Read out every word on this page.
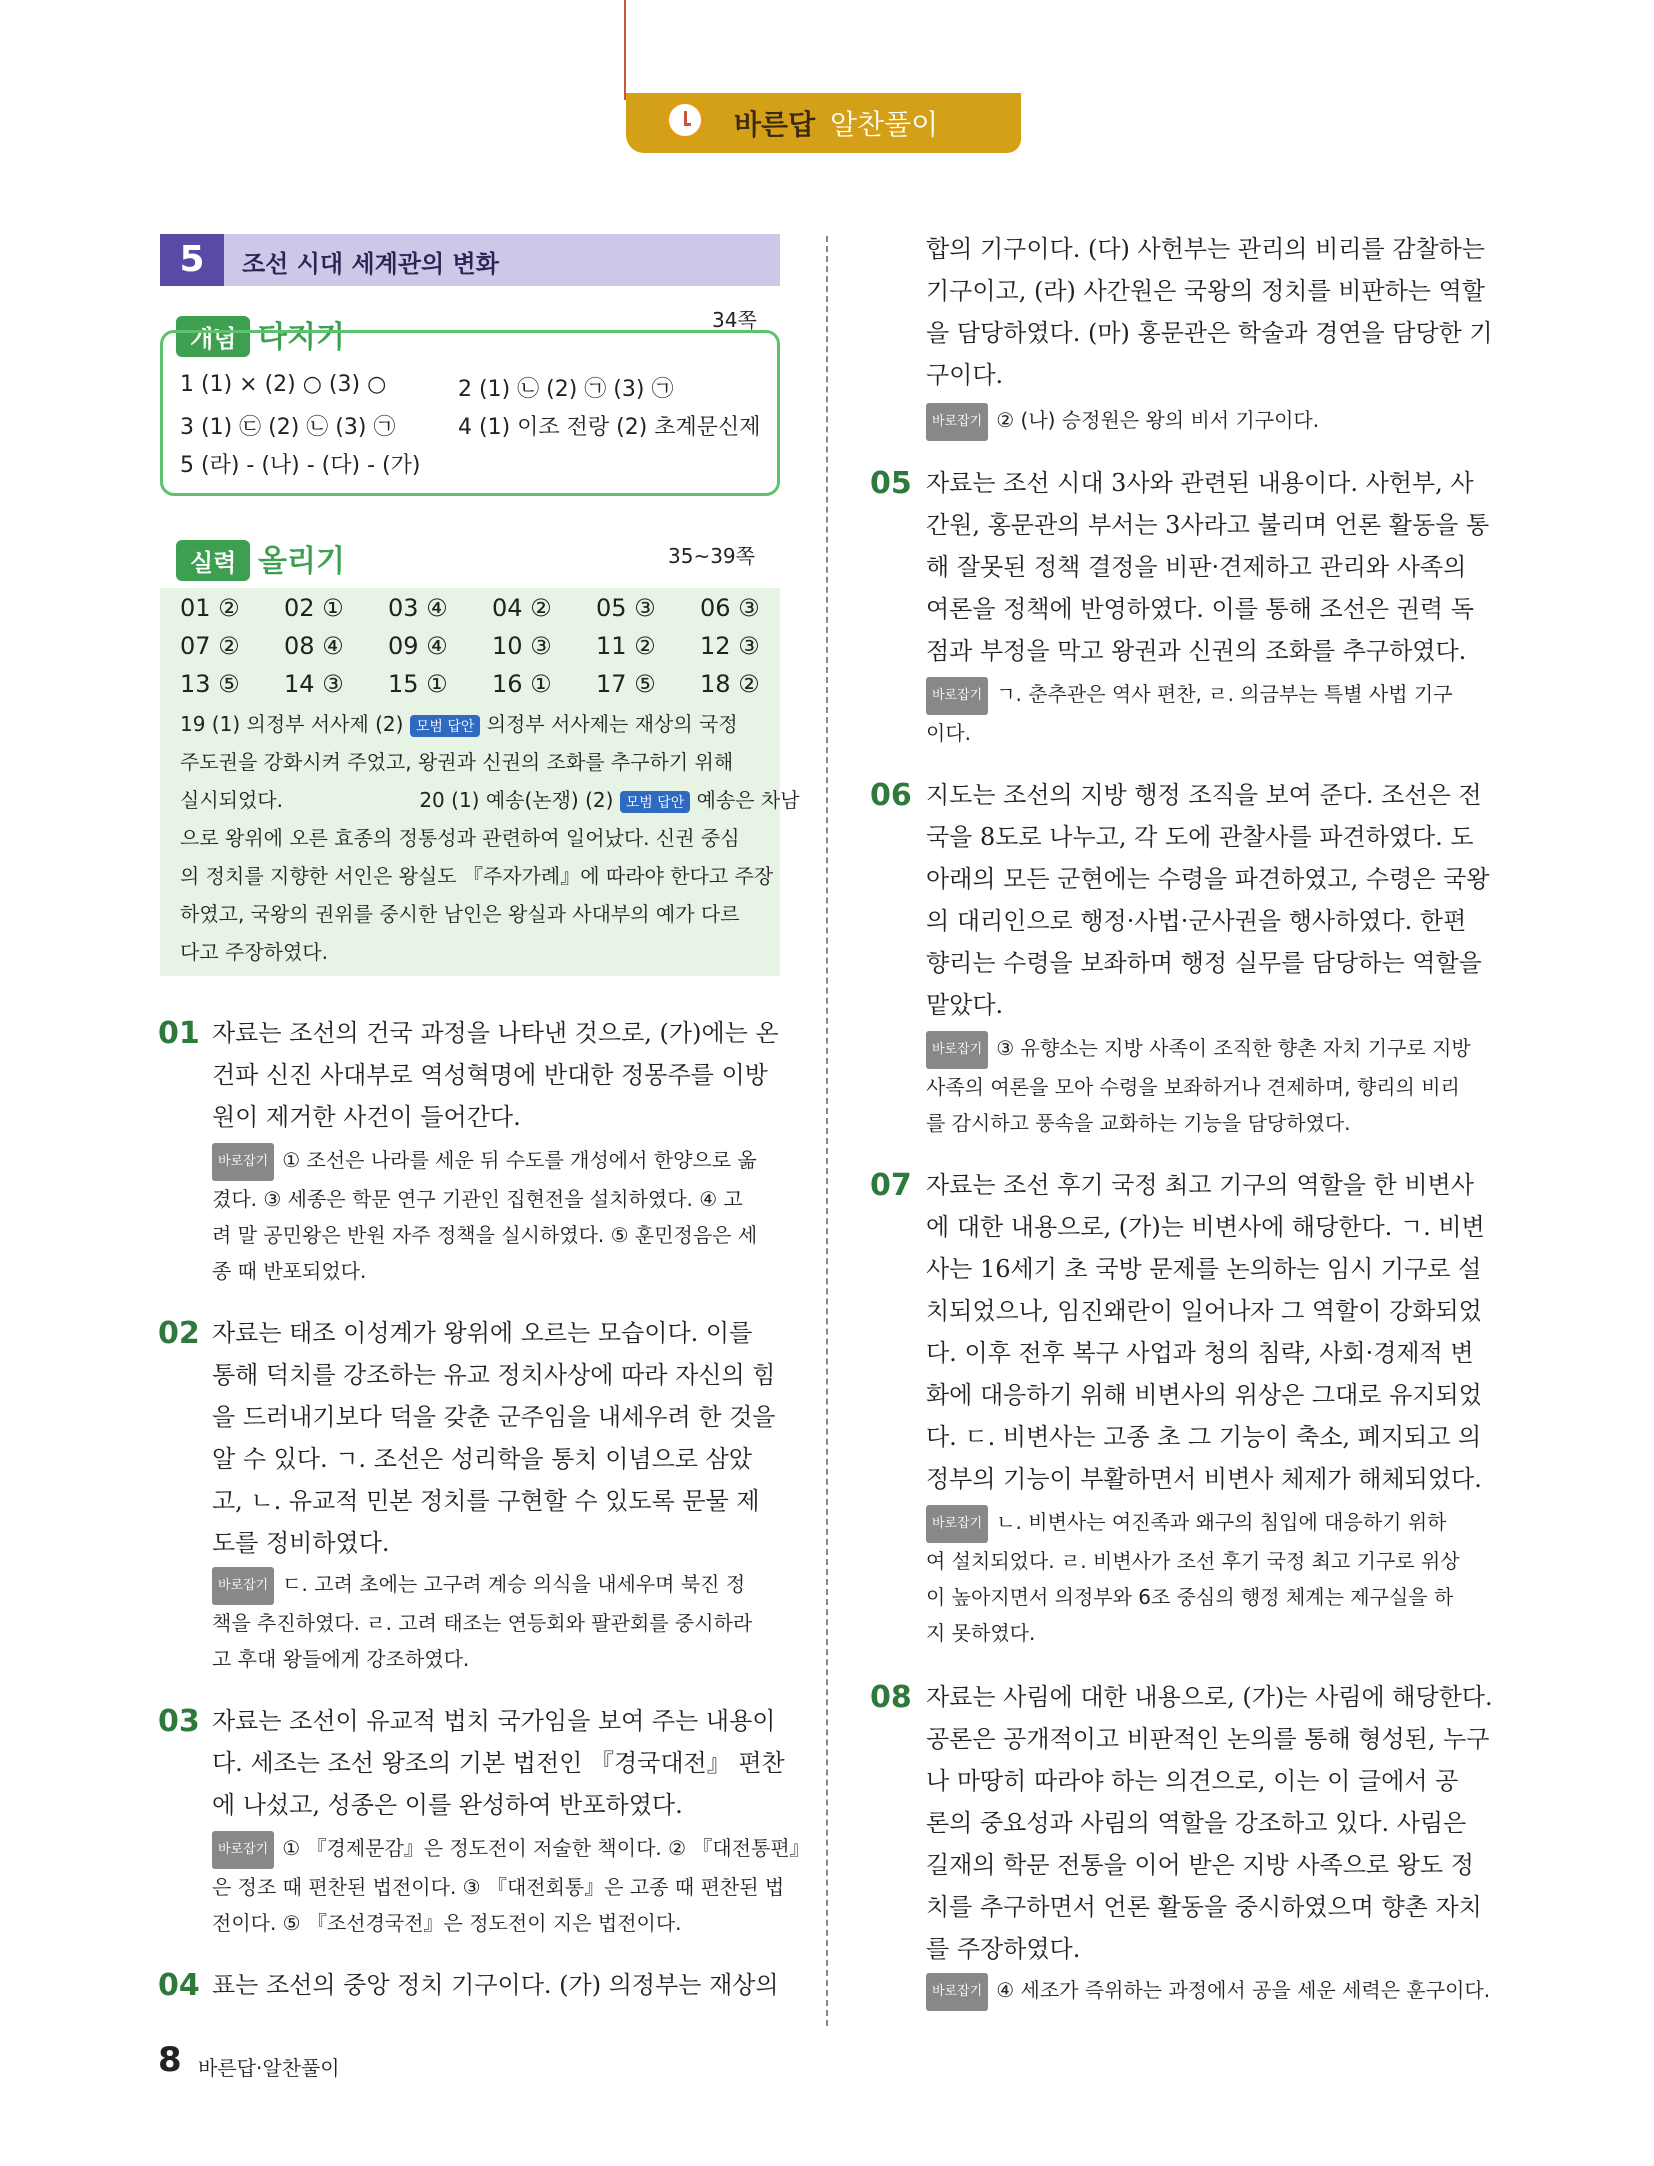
바른답 알찬풀이
5	조선 시대 세계관의 변화
개념 다지기	34쪽
1 (1) × (2) ○ (3) ○	2 (1) ㉡ (2) ㉠ (3) ㉠
3 (1) ㉢ (2) ㉡ (3) ㉠	4 (1) 이조 전랑 (2) 초계문신제
5 (라) - (나) - (다) - (가)
실력 올리기	35~39쪽
01 ② 02 ① 03 ④ 04 ② 05 ③ 06 ③
07 ② 08 ④ 09 ④ 10 ③ 11 ② 12 ③
13 ⑤ 14 ③ 15 ① 16 ① 17 ⑤ 18 ②
19 (1) 의정부 서사제 (2) 모범 답안 의정부 서사제는 재상의 국정
주도권을 강화시켜 주었고, 왕권과 신권의 조화를 추구하기 위해
실시되었다.	20 (1) 예송(논쟁) (2) 모범 답안 예송은 차남
으로 왕위에 오른 효종의 정통성과 관련하여 일어났다. 신권 중심
의 정치를 지향한 서인은 왕실도 『주자가례』에 따라야 한다고 주장
하였고, 국왕의 권위를 중시한 남인은 왕실과 사대부의 예가 다르
다고 주장하였다.
01 자료는 조선의 건국 과정을 나타낸 것으로, (가)에는 온
건파 신진 사대부로 역성혁명에 반대한 정몽주를 이방
원이 제거한 사건이 들어간다.
바로잡기 ① 조선은 나라를 세운 뒤 수도를 개성에서 한양으로 옮
겼다. ③ 세종은 학문 연구 기관인 집현전을 설치하였다. ④ 고
려 말 공민왕은 반원 자주 정책을 실시하였다. ⑤ 훈민정음은 세
종 때 반포되었다.
02 자료는 태조 이성계가 왕위에 오르는 모습이다. 이를
통해 덕치를 강조하는 유교 정치사상에 따라 자신의 힘
을 드러내기보다 덕을 갖춘 군주임을 내세우려 한 것을
알 수 있다. ㄱ. 조선은 성리학을 통치 이념으로 삼았
고, ㄴ. 유교적 민본 정치를 구현할 수 있도록 문물 제
도를 정비하였다.
바로잡기 ㄷ. 고려 초에는 고구려 계승 의식을 내세우며 북진 정
책을 추진하였다. ㄹ. 고려 태조는 연등회와 팔관회를 중시하라
고 후대 왕들에게 강조하였다.
03 자료는 조선이 유교적 법치 국가임을 보여 주는 내용이
다. 세조는 조선 왕조의 기본 법전인 『경국대전』 편찬
에 나섰고, 성종은 이를 완성하여 반포하였다.
바로잡기 ① 『경제문감』은 정도전이 저술한 책이다. ② 『대전통편』
은 정조 때 편찬된 법전이다. ③ 『대전회통』은 고종 때 편찬된 법
전이다. ⑤ 『조선경국전』은 정도전이 지은 법전이다.
04 표는 조선의 중앙 정치 기구이다. (가) 의정부는 재상의
합의 기구이다. (다) 사헌부는 관리의 비리를 감찰하는
기구이고, (라) 사간원은 국왕의 정치를 비판하는 역할
을 담당하였다. (마) 홍문관은 학술과 경연을 담당한 기
구이다.
바로잡기 ② (나) 승정원은 왕의 비서 기구이다.
05 자료는 조선 시대 3사와 관련된 내용이다. 사헌부, 사
간원, 홍문관의 부서는 3사라고 불리며 언론 활동을 통
해 잘못된 정책 결정을 비판·견제하고 관리와 사족의
여론을 정책에 반영하였다. 이를 통해 조선은 권력 독
점과 부정을 막고 왕권과 신권의 조화를 추구하였다.
바로잡기 ㄱ. 춘추관은 역사 편찬, ㄹ. 의금부는 특별 사법 기구
이다.
06 지도는 조선의 지방 행정 조직을 보여 준다. 조선은 전
국을 8도로 나누고, 각 도에 관찰사를 파견하였다. 도
아래의 모든 군현에는 수령을 파견하였고, 수령은 국왕
의 대리인으로 행정·사법·군사권을 행사하였다. 한편
향리는 수령을 보좌하며 행정 실무를 담당하는 역할을
맡았다.
바로잡기 ③ 유향소는 지방 사족이 조직한 향촌 자치 기구로 지방
사족의 여론을 모아 수령을 보좌하거나 견제하며, 향리의 비리
를 감시하고 풍속을 교화하는 기능을 담당하였다.
07 자료는 조선 후기 국정 최고 기구의 역할을 한 비변사
에 대한 내용으로, (가)는 비변사에 해당한다. ㄱ. 비변
사는 16세기 초 국방 문제를 논의하는 임시 기구로 설
치되었으나, 임진왜란이 일어나자 그 역할이 강화되었
다. 이후 전후 복구 사업과 청의 침략, 사회·경제적 변
화에 대응하기 위해 비변사의 위상은 그대로 유지되었
다. ㄷ. 비변사는 고종 초 그 기능이 축소, 폐지되고 의
정부의 기능이 부활하면서 비변사 체제가 해체되었다.
바로잡기 ㄴ. 비변사는 여진족과 왜구의 침입에 대응하기 위하
여 설치되었다. ㄹ. 비변사가 조선 후기 국정 최고 기구로 위상
이 높아지면서 의정부와 6조 중심의 행정 체계는 제구실을 하
지 못하였다.
08 자료는 사림에 대한 내용으로, (가)는 사림에 해당한다.
공론은 공개적이고 비판적인 논의를 통해 형성된, 누구
나 마땅히 따라야 하는 의견으로, 이는 이 글에서 공
론의 중요성과 사림의 역할을 강조하고 있다. 사림은
길재의 학문 전통을 이어 받은 지방 사족으로 왕도 정
치를 추구하면서 언론 활동을 중시하였으며 향촌 자치
를 주장하였다.
바로잡기 ④ 세조가 즉위하는 과정에서 공을 세운 세력은 훈구이다.
8 바른답·알찬풀이
